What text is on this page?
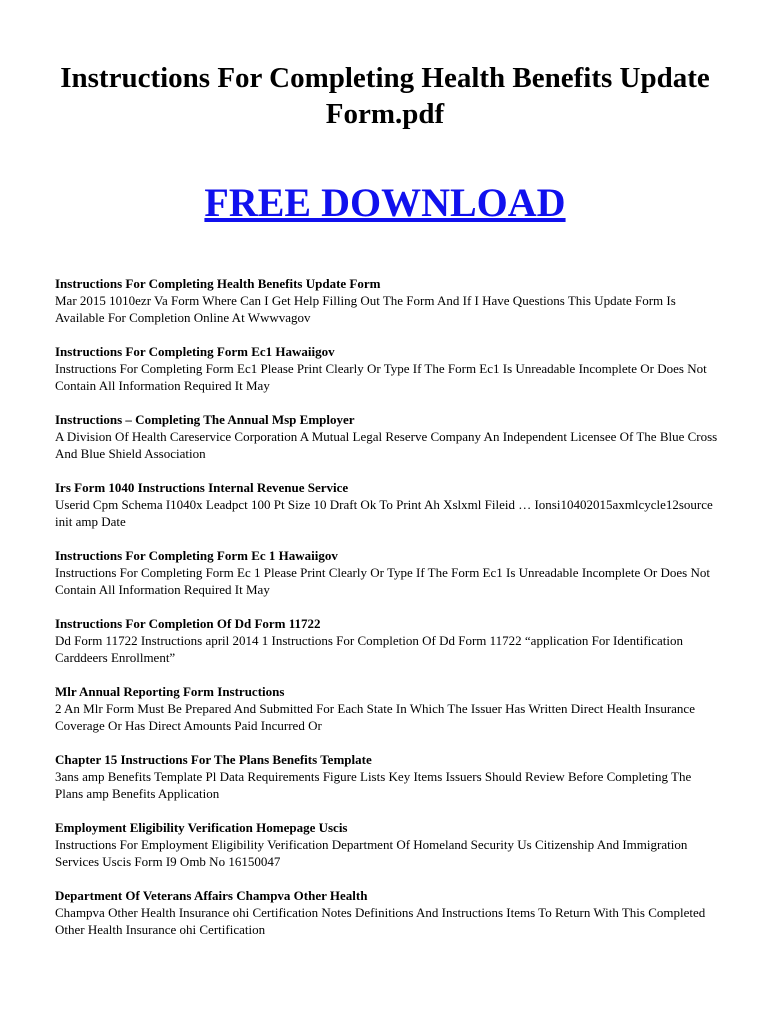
Instructions For Completing Health Benefits Update Form.pdf
FREE DOWNLOAD
Instructions For Completing Health Benefits Update Form

Mar 2015 1010ezr Va Form Where Can I Get Help Filling Out The Form And If I Have Questions This Update Form Is Available For Completion Online At Wwwvagov

Instructions For Completing Form Ec1 Hawaiigov

Instructions For Completing Form Ec1 Please Print Clearly Or Type If The Form Ec1 Is Unreadable Incomplete Or Does Not Contain All Information Required It May

Instructions – Completing The Annual Msp Employer

A Division Of Health Careservice Corporation A Mutual Legal Reserve Company An Independent Licensee Of The Blue Cross And Blue Shield Association

Irs Form 1040 Instructions Internal Revenue Service

Userid Cpm Schema I1040x Leadpct 100 Pt Size 10 Draft Ok To Print Ah Xslxml Fileid … Ionsi10402015axmlcycle12source init amp Date

Instructions For Completing Form Ec 1 Hawaiigov

Instructions For Completing Form Ec 1 Please Print Clearly Or Type If The Form Ec1 Is Unreadable Incomplete Or Does Not Contain All Information Required It May

Instructions For Completion Of Dd Form 11722

Dd Form 11722 Instructions april 2014 1 Instructions For Completion Of Dd Form 11722 “application For Identification Carddeers Enrollment”

Mlr Annual Reporting Form Instructions

2 An Mlr Form Must Be Prepared And Submitted For Each State In Which The Issuer Has Written Direct Health Insurance Coverage Or Has Direct Amounts Paid Incurred Or

Chapter 15 Instructions For The Plans Benefits Template

3ans amp Benefits Template Pl Data Requirements Figure Lists Key Items Issuers Should Review Before Completing The Plans amp Benefits Application

Employment Eligibility Verification Homepage Uscis

Instructions For Employment Eligibility Verification Department Of Homeland Security Us Citizenship And Immigration Services Uscis Form I9 Omb No 16150047

Department Of Veterans Affairs Champva Other Health

Champva Other Health Insurance ohi Certification Notes Definitions And Instructions Items To Return With This Completed Other Health Insurance ohi Certification
